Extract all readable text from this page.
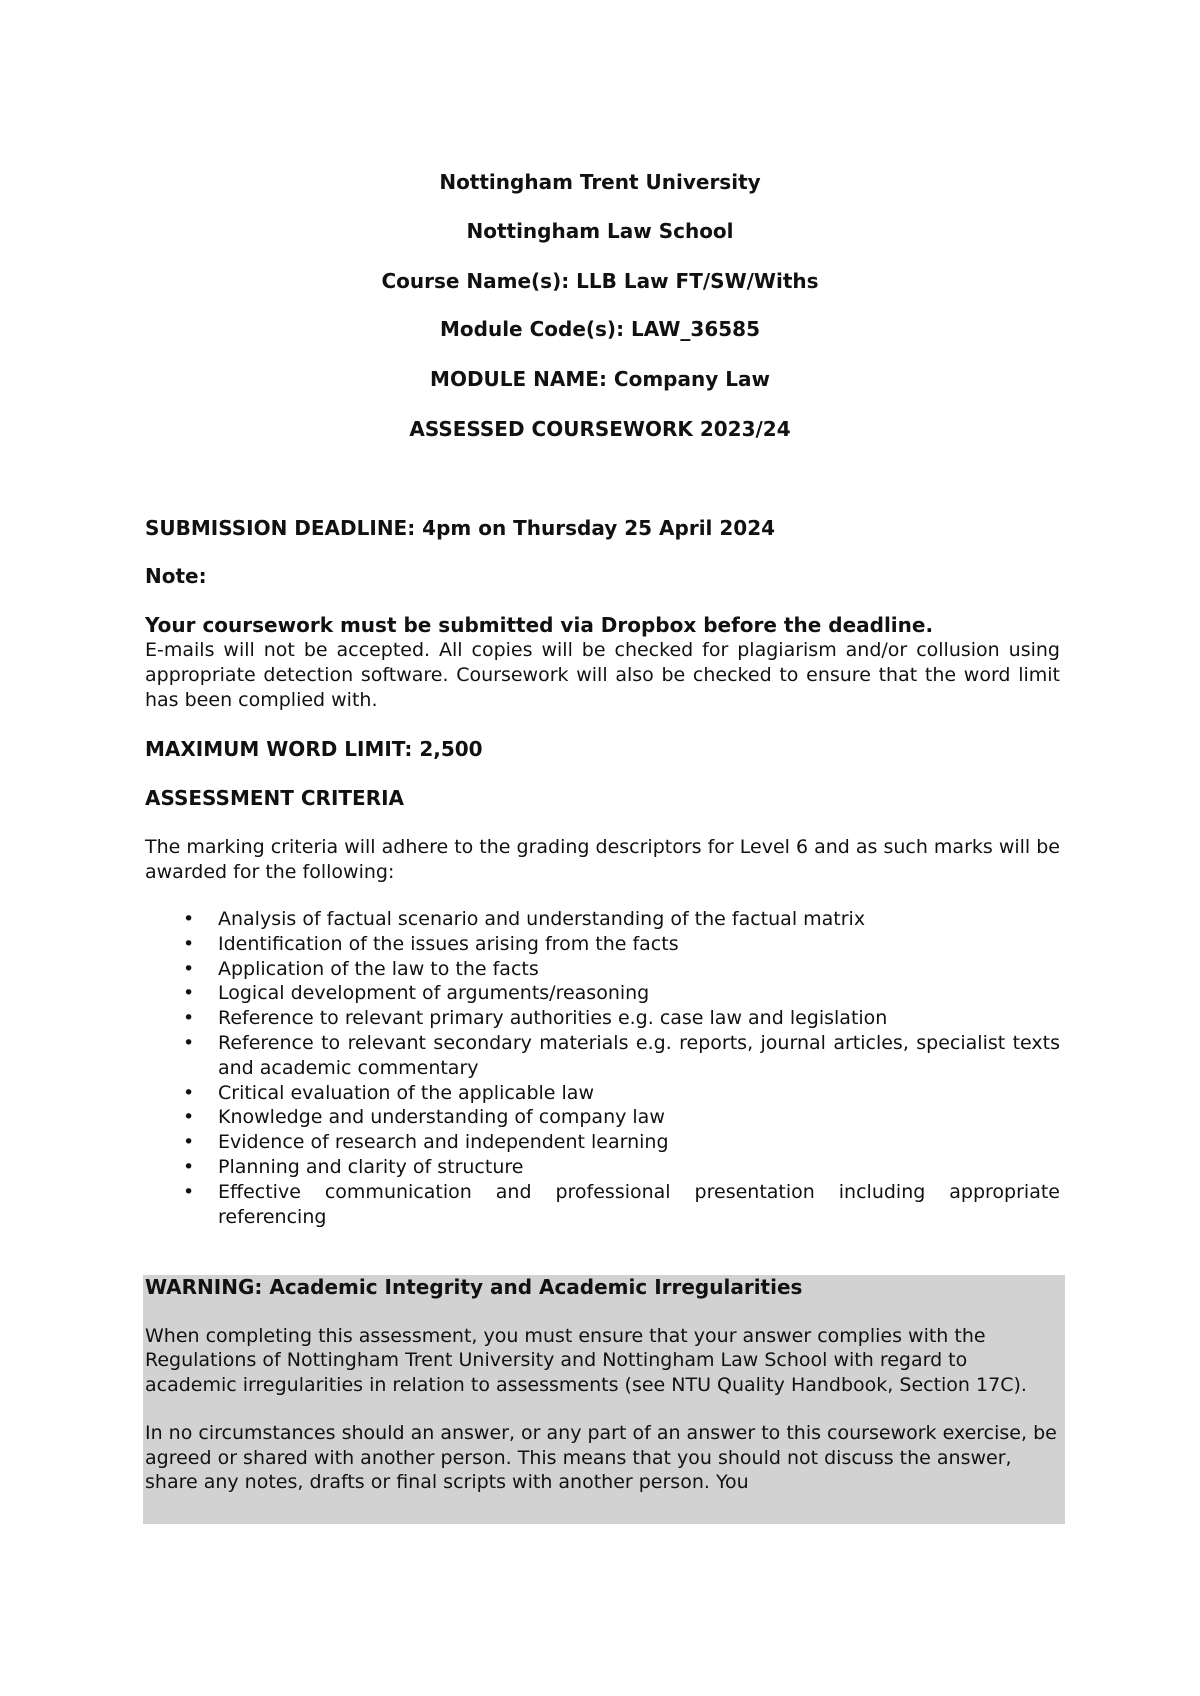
Nottingham Trent University
Nottingham Law School
Course Name(s): LLB Law FT/SW/Withs
Module Code(s): LAW_36585
MODULE NAME: Company Law
ASSESSED COURSEWORK 2023/24
SUBMISSION DEADLINE: 4pm on Thursday 25 April 2024
Note:
Your coursework must be submitted via Dropbox before the deadline.
E-mails will not be accepted. All copies will be checked for plagiarism and/or collusion using appropriate detection software. Coursework will also be checked to ensure that the word limit has been complied with.
MAXIMUM WORD LIMIT: 2,500
ASSESSMENT CRITERIA
The marking criteria will adhere to the grading descriptors for Level 6 and as such marks will be awarded for the following:
• Analysis of factual scenario and understanding of the factual matrix
• Identification of the issues arising from the facts
• Application of the law to the facts
• Logical development of arguments/reasoning
• Reference to relevant primary authorities e.g. case law and legislation
• Reference to relevant secondary materials e.g. reports, journal articles, specialist texts and academic commentary
• Critical evaluation of the applicable law
• Knowledge and understanding of company law
• Evidence of research and independent learning
• Planning and clarity of structure
• Effective communication and professional presentation including appropriate referencing

WARNING: Academic Integrity and Academic Irregularities

When completing this assessment, you must ensure that your answer complies with the Regulations of Nottingham Trent University and Nottingham Law School with regard to academic irregularities in relation to assessments (see NTU Quality Handbook, Section 17C).

In no circumstances should an answer, or any part of an answer to this coursework exercise, be agreed or shared with another person. This means that you should not discuss the answer, share any notes, drafts or final scripts with another person. You
